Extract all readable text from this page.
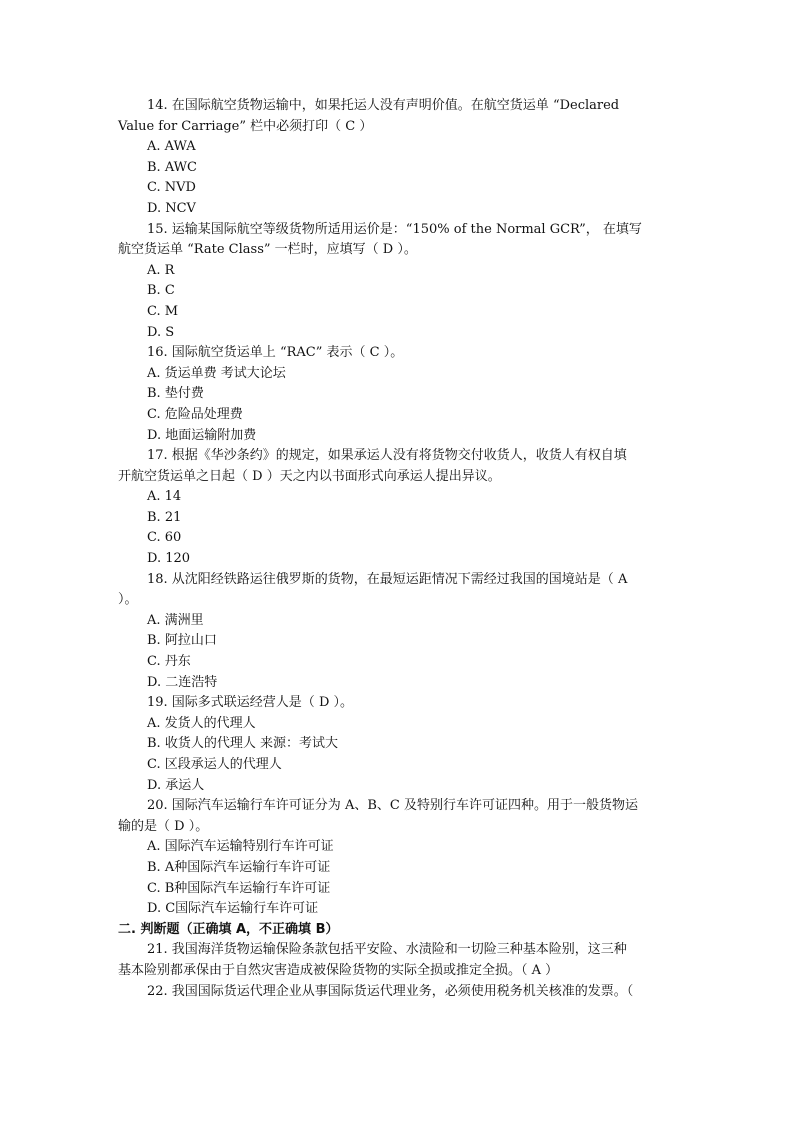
14. 在国际航空货物运输中，如果托运人没有声明价值。在航空货运单 “Declared
Value for Carriage” 栏中必须打印（ C ）
A. AWA
B. AWC
C. NVD
D. NCV
15. 运输某国际航空等级货物所适用运价是：“150% of the Normal GCR”， 在填写
航空货运单 “Rate Class” 一栏时，应填写（ D ）。
A. R
B. C
C. M
D. S
16. 国际航空货运单上 “RAC” 表示（ C ）。
A. 货运单费 考试大论坛
B. 垫付费
C. 危险品处理费
D. 地面运输附加费
17. 根据《华沙条约》的规定，如果承运人没有将货物交付收货人，收货人有权自填
开航空货运单之日起（ D ）天之内以书面形式向承运人提出异议。
A. 14
B. 21
C. 60
D. 120
18. 从沈阳经铁路运往俄罗斯的货物，在最短运距情况下需经过我国的国境站是（ A
）。
A. 满洲里
B. 阿拉山口
C. 丹东
D. 二连浩特
19. 国际多式联运经营人是（ D ）。
A. 发货人的代理人
B. 收货人的代理人 来源：考试大
C. 区段承运人的代理人
D. 承运人
20. 国际汽车运输行车许可证分为 A、B、C 及特别行车许可证四种。用于一般货物运
输的是（ D ）。
A. 国际汽车运输特别行车许可证
B. A种国际汽车运输行车许可证
C. B种国际汽车运输行车许可证
D. C国际汽车运输行车许可证
二. 判断题（正确填 A，不正确填 B）
21. 我国海洋货物运输保险条款包括平安险、水渍险和一切险三种基本险别，这三种
基本险别都承保由于自然灾害造成被保险货物的实际全损或推定全损。（ A ）
22. 我国国际货运代理企业从事国际货运代理业务，必须使用税务机关核准的发票。（
